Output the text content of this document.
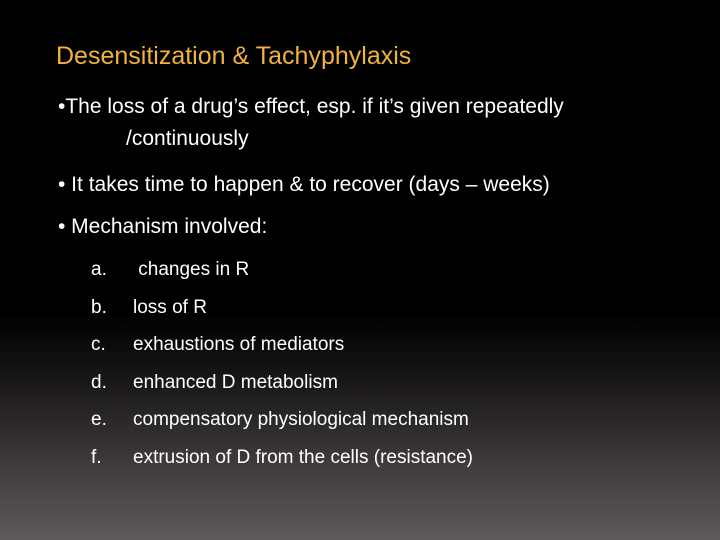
Desensitization & Tachyphylaxis
•The loss of a drug’s effect, esp. if it’s given repeatedly
/continuously
• It takes time to happen & to recover (days – weeks)
• Mechanism involved:
a. changes in R
b. loss of R
c. exhaustions of mediators
d. enhanced D metabolism
e. compensatory physiological mechanism
f. extrusion of D from the cells (resistance)
